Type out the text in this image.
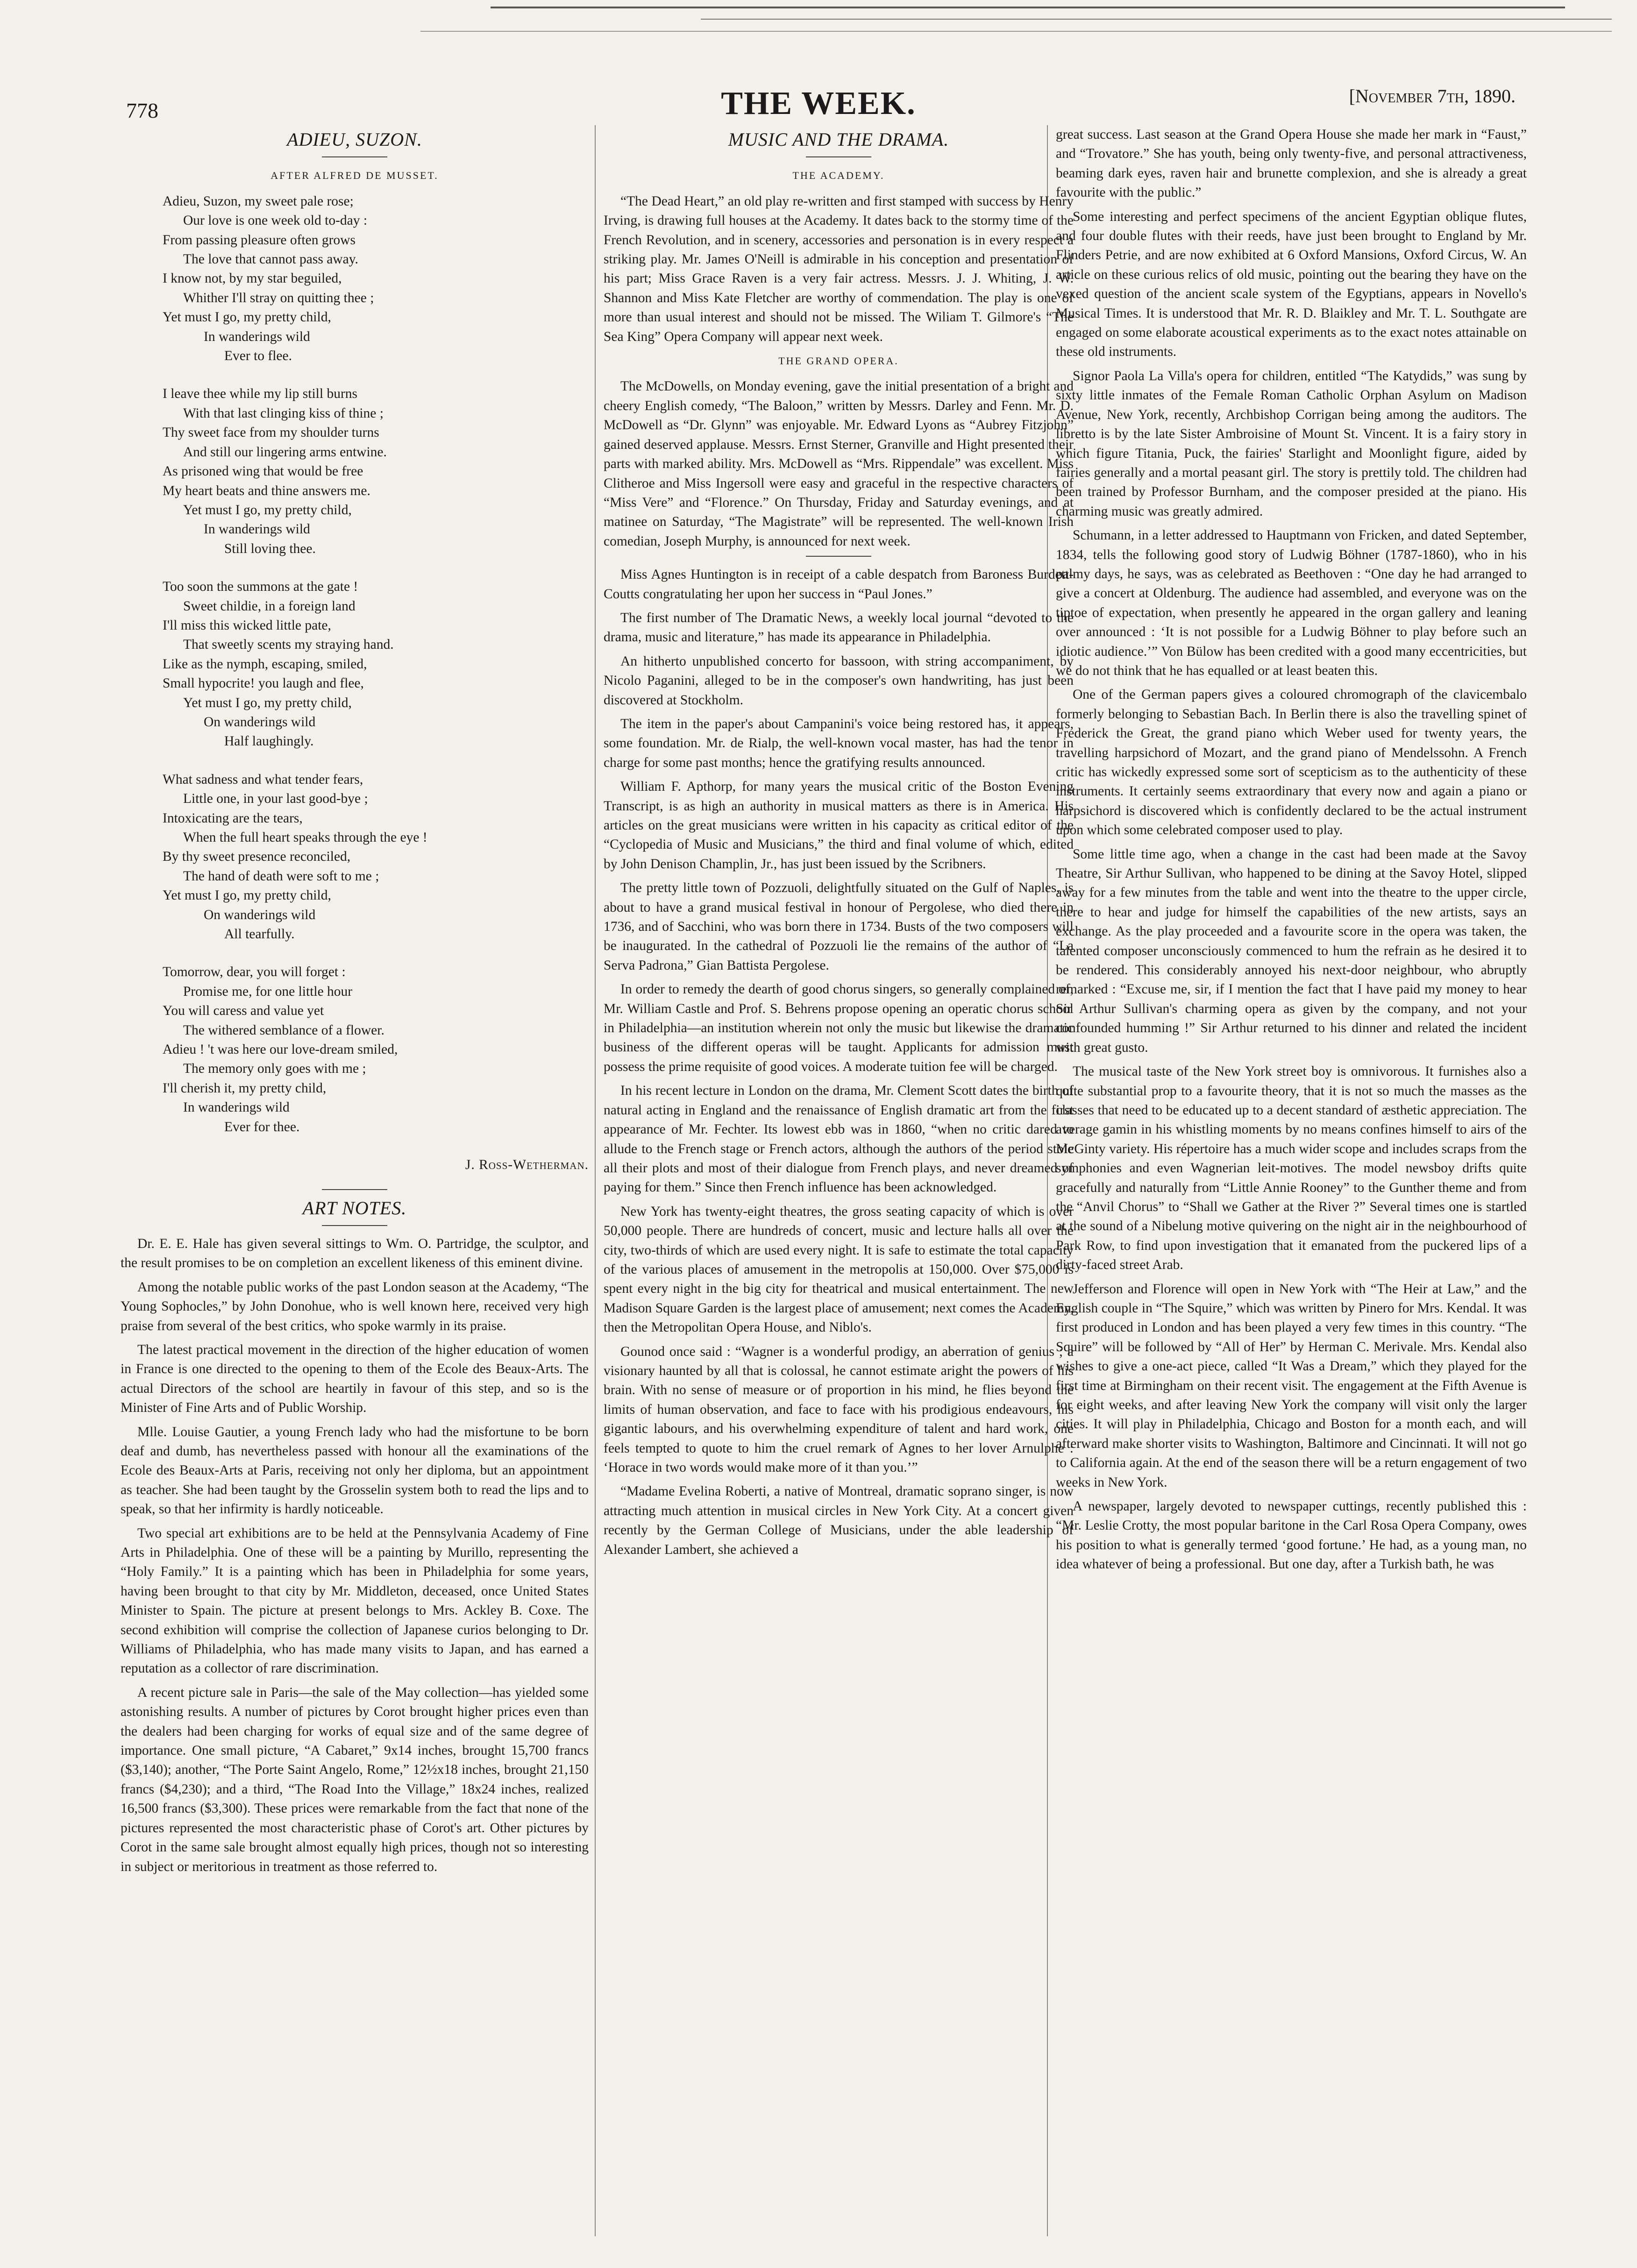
778	THE WEEK.	[November 7th, 1890.
ADIEU, SUZON.
AFTER ALFRED DE MUSSET.
Adieu, Suzon, my sweet pale rose;
Our love is one week old to-day :
From passing pleasure often grows
The love that cannot pass away.
I know not, by my star beguiled,
Whither I'll stray on quitting thee ;
Yet must I go, my pretty child,
In wanderings wild
Ever to flee.
I leave thee while my lip still burns
With that last clinging kiss of thine ;
Thy sweet face from my shoulder turns
And still our lingering arms entwine.
As prisoned wing that would be free
My heart beats and thine answers me.
Yet must I go, my pretty child,
In wanderings wild
Still loving thee.
Too soon the summons at the gate !
Sweet childie, in a foreign land
I'll miss this wicked little pate,
That sweetly scents my straying hand.
Like as the nymph, escaping, smiled,
Small hypocrite! you laugh and flee,
Yet must I go, my pretty child,
On wanderings wild
Half laughingly.
What sadness and what tender fears,
Little one, in your last good-bye ;
Intoxicating are the tears,
When the full heart speaks through the eye !
By thy sweet presence reconciled,
The hand of death were soft to me ;
Yet must I go, my pretty child,
On wanderings wild
All tearfully.
Tomorrow, dear, you will forget :
Promise me, for one little hour
You will caress and value yet
The withered semblance of a flower.
Adieu ! 't was here our love-dream smiled,
The memory only goes with me ;
I'll cherish it, my pretty child,
In wanderings wild
Ever for thee.
J. Ross-Wetherman.
ART NOTES.

Dr. E. E. Hale has given several sittings to Wm. O. Partridge, the sculptor, and the result promises to be on completion an excellent likeness of this eminent divine.

Among the notable public works of the past London season at the Academy, “The Young Sophocles,” by John Donohue, who is well known here, received very high praise from several of the best critics, who spoke warmly in its praise.

The latest practical movement in the direction of the higher education of women in France is one directed to the opening to them of the Ecole des Beaux-Arts. The actual Directors of the school are heartily in favour of this step, and so is the Minister of Fine Arts and of Public Worship.

Mlle. Louise Gautier, a young French lady who had the misfortune to be born deaf and dumb, has nevertheless passed with honour all the examinations of the Ecole des Beaux-Arts at Paris, receiving not only her diploma, but an appointment as teacher. She had been taught by the Grosselin system both to read the lips and to speak, so that her infirmity is hardly noticeable.

Two special art exhibitions are to be held at the Pennsylvania Academy of Fine Arts in Philadelphia. One of these will be a painting by Murillo, representing the “Holy Family.” It is a painting which has been in Philadelphia for some years, having been brought to that city by Mr. Middleton, deceased, once United States Minister to Spain. The picture at present belongs to Mrs. Ackley B. Coxe. The second exhibition will comprise the collection of Japanese curios belonging to Dr. Williams of Philadelphia, who has made many visits to Japan, and has earned a reputation as a collector of rare discrimination.

A recent picture sale in Paris—the sale of the May collection—has yielded some astonishing results. A number of pictures by Corot brought higher prices even than the dealers had been charging for works of equal size and of the same degree of importance. One small picture, “A Cabaret,” 9x14 inches, brought 15,700 francs ($3,140); another, “The Porte Saint Angelo, Rome,” 12½x18 inches, brought 21,150 francs ($4,230); and a third, “The Road Into the Village,” 18x24 inches, realized 16,500 francs ($3,300). These prices were remarkable from the fact that none of the pictures represented the most characteristic phase of Corot's art. Other pictures by Corot in the same sale brought almost equally high prices, though not so interesting in subject or meritorious in treatment as those referred to.

MUSIC AND THE DRAMA.
THE ACADEMY.

“The Dead Heart,” an old play re-written and first stamped with success by Henry Irving, is drawing full houses at the Academy. It dates back to the stormy time of the French Revolution, and in scenery, accessories and personation is in every respect a striking play. Mr. James O'Neill is admirable in his conception and presentation of his part; Miss Grace Raven is a very fair actress. Messrs. J. J. Whiting, J. W. Shannon and Miss Kate Fletcher are worthy of commendation. The play is one of more than usual interest and should not be missed. The Wiliam T. Gilmore's “The Sea King” Opera Company will appear next week.

THE GRAND OPERA.

The McDowells, on Monday evening, gave the initial presentation of a bright and cheery English comedy, “The Baloon,” written by Messrs. Darley and Fenn. Mr. D. McDowell as “Dr. Glynn” was enjoyable. Mr. Edward Lyons as “Aubrey Fitzjohn” gained deserved applause. Messrs. Ernst Sterner, Granville and Hight presented their parts with marked ability. Mrs. McDowell as “Mrs. Rippendale” was excellent. Miss Clitheroe and Miss Ingersoll were easy and graceful in the respective characters of “Miss Vere” and “Florence.” On Thursday, Friday and Saturday evenings, and at matinee on Saturday, “The Magistrate” will be represented. The well-known Irish comedian, Joseph Murphy, is announced for next week.

Miss Agnes Huntington is in receipt of a cable despatch from Baroness Burdett-Coutts congratulating her upon her success in “Paul Jones.”

The first number of The Dramatic News, a weekly local journal “devoted to the drama, music and literature,” has made its appearance in Philadelphia.

An hitherto unpublished concerto for bassoon, with string accompaniment, by Nicolo Paganini, alleged to be in the composer's own handwriting, has just been discovered at Stockholm.

The item in the paper's about Campanini's voice being restored has, it appears, some foundation. Mr. de Rialp, the well-known vocal master, has had the tenor in charge for some past months; hence the gratifying results announced.

William F. Apthorp, for many years the musical critic of the Boston Evening Transcript, is as high an authority in musical matters as there is in America. His articles on the great musicians were written in his capacity as critical editor of the “Cyclopedia of Music and Musicians,” the third and final volume of which, edited by John Denison Champlin, Jr., has just been issued by the Scribners.

The pretty little town of Pozzuoli, delightfully situated on the Gulf of Naples, is about to have a grand musical festival in honour of Pergolese, who died there in 1736, and of Sacchini, who was born there in 1734. Busts of the two composers will be inaugurated. In the cathedral of Pozzuoli lie the remains of the author of “La Serva Padrona,” Gian Battista Pergolese.

In order to remedy the dearth of good chorus singers, so generally complained of, Mr. William Castle and Prof. S. Behrens propose opening an operatic chorus school in Philadelphia—an institution wherein not only the music but likewise the dramatic business of the different operas will be taught. Applicants for admission must possess the prime requisite of good voices. A moderate tuition fee will be charged.

In his recent lecture in London on the drama, Mr. Clement Scott dates the birth of natural acting in England and the renaissance of English dramatic art from the first appearance of Mr. Fechter. Its lowest ebb was in 1860, “when no critic dared to allude to the French stage or French actors, although the authors of the period stole all their plots and most of their dialogue from French plays, and never dreamed of paying for them.” Since then French influence has been acknowledged.

New York has twenty-eight theatres, the gross seating capacity of which is over 50,000 people. There are hundreds of concert, music and lecture halls all over the city, two-thirds of which are used every night. It is safe to estimate the total capacity of the various places of amusement in the metropolis at 150,000. Over $75,000 is spent every night in the big city for theatrical and musical entertainment. The new Madison Square Garden is the largest place of amusement; next comes the Academy, then the Metropolitan Opera House, and Niblo's.

Gounod once said : “Wagner is a wonderful prodigy, an aberration of genius ; a visionary haunted by all that is colossal, he cannot estimate aright the powers of his brain. With no sense of measure or of proportion in his mind, he flies beyond the limits of human observation, and face to face with his prodigious endeavours, his gigantic labours, and his overwhelming expenditure of talent and hard work, one feels tempted to quote to him the cruel remark of Agnes to her lover Arnulphe : ‘Horace in two words would make more of it than you.’”

“Madame Evelina Roberti, a native of Montreal, dramatic soprano singer, is now attracting much attention in musical circles in New York City. At a concert given recently by the German College of Musicians, under the able leadership of Alexander Lambert, she achieved a

great success. Last season at the Grand Opera House she made her mark in “Faust,” and “Trovatore.” She has youth, being only twenty-five, and personal attractiveness, beaming dark eyes, raven hair and brunette complexion, and she is already a great favourite with the public.”

Some interesting and perfect specimens of the ancient Egyptian oblique flutes, and four double flutes with their reeds, have just been brought to England by Mr. Flinders Petrie, and are now exhibited at 6 Oxford Mansions, Oxford Circus, W. An article on these curious relics of old music, pointing out the bearing they have on the vexed question of the ancient scale system of the Egyptians, appears in Novello's Musical Times. It is understood that Mr. R. D. Blaikley and Mr. T. L. Southgate are engaged on some elaborate acoustical experiments as to the exact notes attainable on these old instruments.

Signor Paola La Villa's opera for children, entitled “The Katydids,” was sung by sixty little inmates of the Female Roman Catholic Orphan Asylum on Madison Avenue, New York, recently, Archbishop Corrigan being among the auditors. The libretto is by the late Sister Ambroisine of Mount St. Vincent. It is a fairy story in which figure Titania, Puck, the fairies' Starlight and Moonlight figure, aided by fairies generally and a mortal peasant girl. The story is prettily told. The children had been trained by Professor Burnham, and the composer presided at the piano. His charming music was greatly admired.

Schumann, in a letter addressed to Hauptmann von Fricken, and dated September, 1834, tells the following good story of Ludwig Böhner (1787-1860), who in his palmy days, he says, was as celebrated as Beethoven : “One day he had arranged to give a concert at Oldenburg. The audience had assembled, and everyone was on the tiptoe of expectation, when presently he appeared in the organ gallery and leaning over announced : ‘It is not possible for a Ludwig Böhner to play before such an idiotic audience.’” Von Bülow has been credited with a good many eccentricities, but we do not think that he has equalled or at least beaten this.

One of the German papers gives a coloured chromograph of the clavicembalo formerly belonging to Sebastian Bach. In Berlin there is also the travelling spinet of Frederick the Great, the grand piano which Weber used for twenty years, the travelling harpsichord of Mozart, and the grand piano of Mendelssohn. A French critic has wickedly expressed some sort of scepticism as to the authenticity of these instruments. It certainly seems extraordinary that every now and again a piano or harpsichord is discovered which is confidently declared to be the actual instrument upon which some celebrated composer used to play.

Some little time ago, when a change in the cast had been made at the Savoy Theatre, Sir Arthur Sullivan, who happened to be dining at the Savoy Hotel, slipped away for a few minutes from the table and went into the theatre to the upper circle, there to hear and judge for himself the capabilities of the new artists, says an exchange. As the play proceeded and a favourite score in the opera was taken, the talented composer unconsciously commenced to hum the refrain as he desired it to be rendered. This considerably annoyed his next-door neighbour, who abruptly remarked : “Excuse me, sir, if I mention the fact that I have paid my money to hear Sir Arthur Sullivan's charming opera as given by the company, and not your confounded humming !” Sir Arthur returned to his dinner and related the incident with great gusto.

The musical taste of the New York street boy is omnivorous. It furnishes also a quite substantial prop to a favourite theory, that it is not so much the masses as the classes that need to be educated up to a decent standard of æsthetic appreciation. The average gamin in his whistling moments by no means confines himself to airs of the McGinty variety. His répertoire has a much wider scope and includes scraps from the symphonies and even Wagnerian leit-motives. The model newsboy drifts quite gracefully and naturally from “Little Annie Rooney” to the Gunther theme and from the “Anvil Chorus” to “Shall we Gather at the River ?” Several times one is startled at the sound of a Nibelung motive quivering on the night air in the neighbourhood of Park Row, to find upon investigation that it emanated from the puckered lips of a dirty-faced street Arab.

Jefferson and Florence will open in New York with “The Heir at Law,” and the English couple in “The Squire,” which was written by Pinero for Mrs. Kendal. It was first produced in London and has been played a very few times in this country. “The Squire” will be followed by “All of Her” by Herman C. Merivale. Mrs. Kendal also wishes to give a one-act piece, called “It Was a Dream,” which they played for the first time at Birmingham on their recent visit. The engagement at the Fifth Avenue is for eight weeks, and after leaving New York the company will visit only the larger cities. It will play in Philadelphia, Chicago and Boston for a month each, and will afterward make shorter visits to Washington, Baltimore and Cincinnati. It will not go to California again. At the end of the season there will be a return engagement of two weeks in New York.

A newspaper, largely devoted to newspaper cuttings, recently published this : “Mr. Leslie Crotty, the most popular baritone in the Carl Rosa Opera Company, owes his position to what is generally termed ‘good fortune.’ He had, as a young man, no idea whatever of being a professional. But one day, after a Turkish bath, he was
